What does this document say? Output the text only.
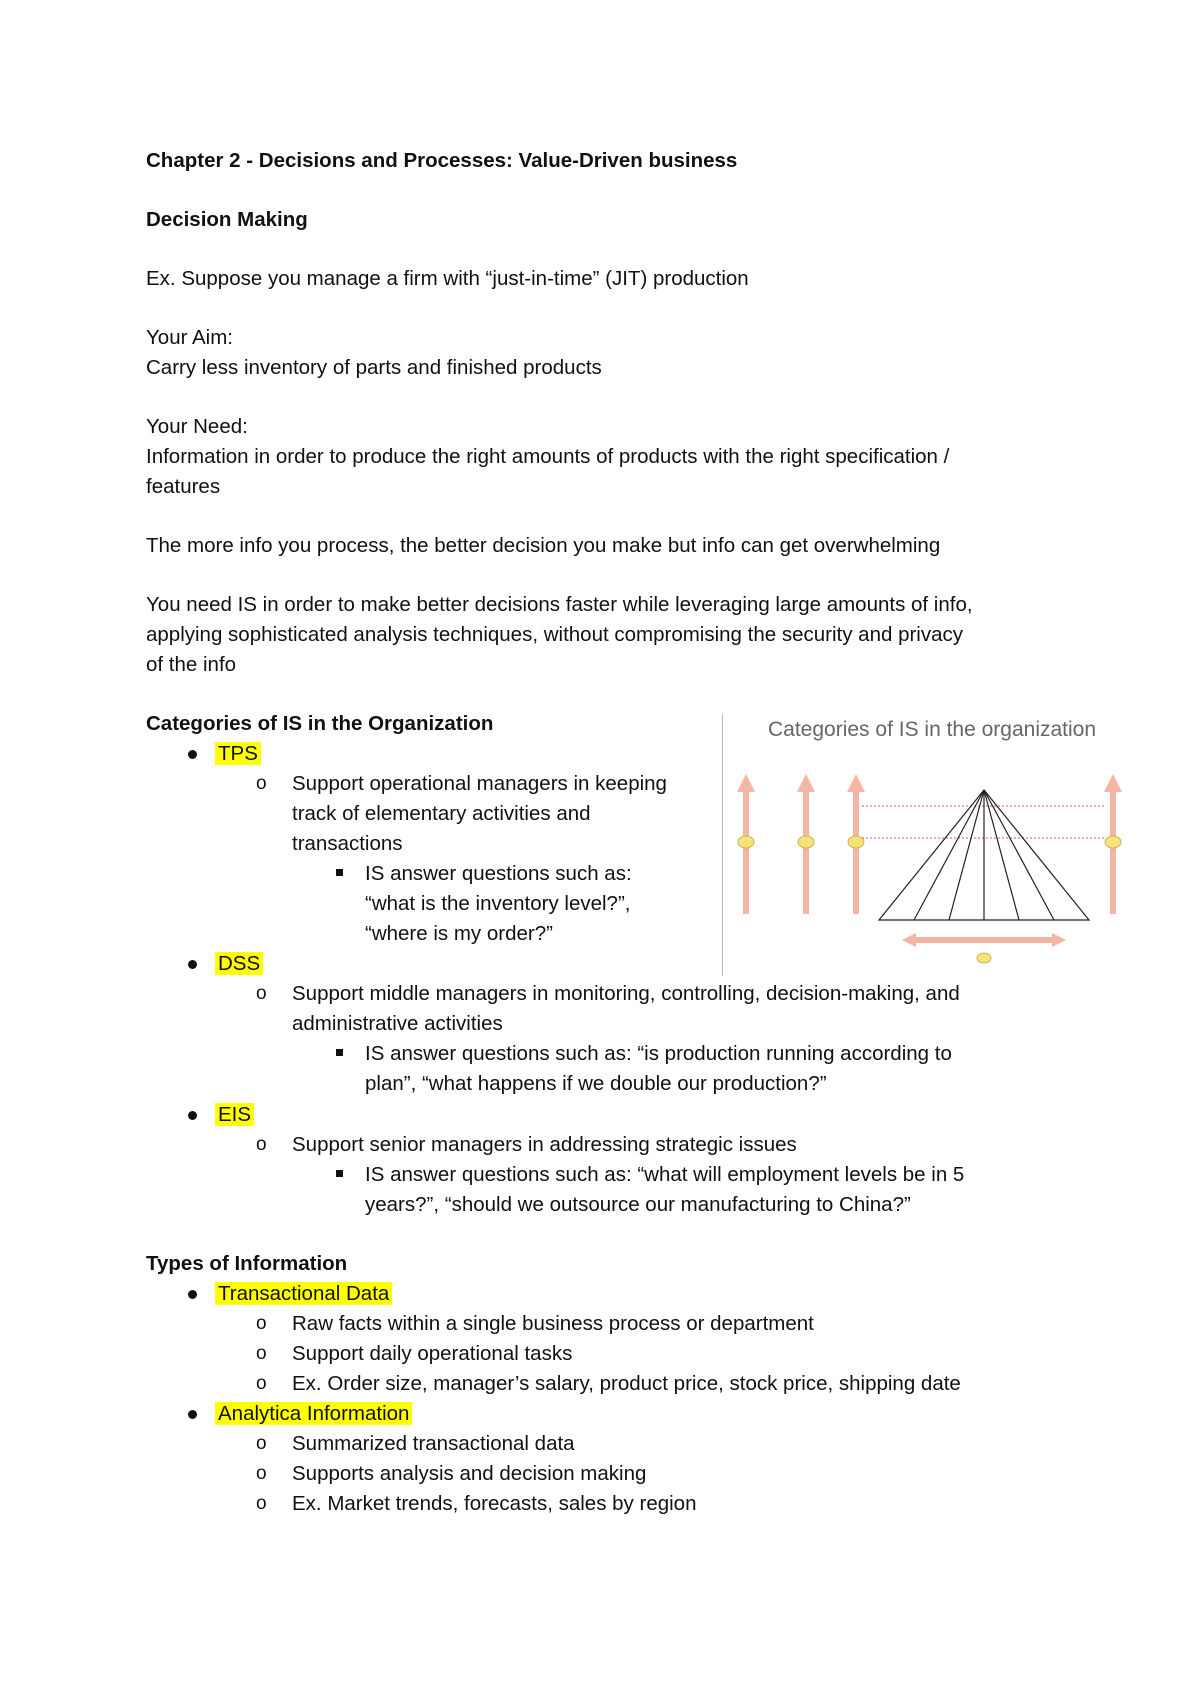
Chapter 2 - Decisions and Processes: Value-Driven business
Decision Making
Ex. Suppose you manage a firm with “just-in-time” (JIT) production
Your Aim:
Carry less inventory of parts and finished products
Your Need:
Information in order to produce the right amounts of products with the right specification /
features
The more info you process, the better decision you make but info can get overwhelming
You need IS in order to make better decisions faster while leveraging large amounts of info,
applying sophisticated analysis techniques, without compromising the security and privacy
of the info
Categories of IS in the Organization
TPS
o Support operational managers in keeping
track of elementary activities and
transactions
IS answer questions such as:
“what is the inventory level?”,
“where is my order?”
DSS
o Support middle managers in monitoring, controlling, decision-making, and
administrative activities
IS answer questions such as: “is production running according to
plan”, “what happens if we double our production?”
EIS
o Support senior managers in addressing strategic issues
IS answer questions such as: “what will employment levels be in 5
years?”, “should we outsource our manufacturing to China?”
Categories of IS in the organization
Types of Information
Transactional Data
o Raw facts within a single business process or department
o Support daily operational tasks
o Ex. Order size, manager’s salary, product price, stock price, shipping date
Analytica Information
o Summarized transactional data
o Supports analysis and decision making
o Ex. Market trends, forecasts, sales by region
